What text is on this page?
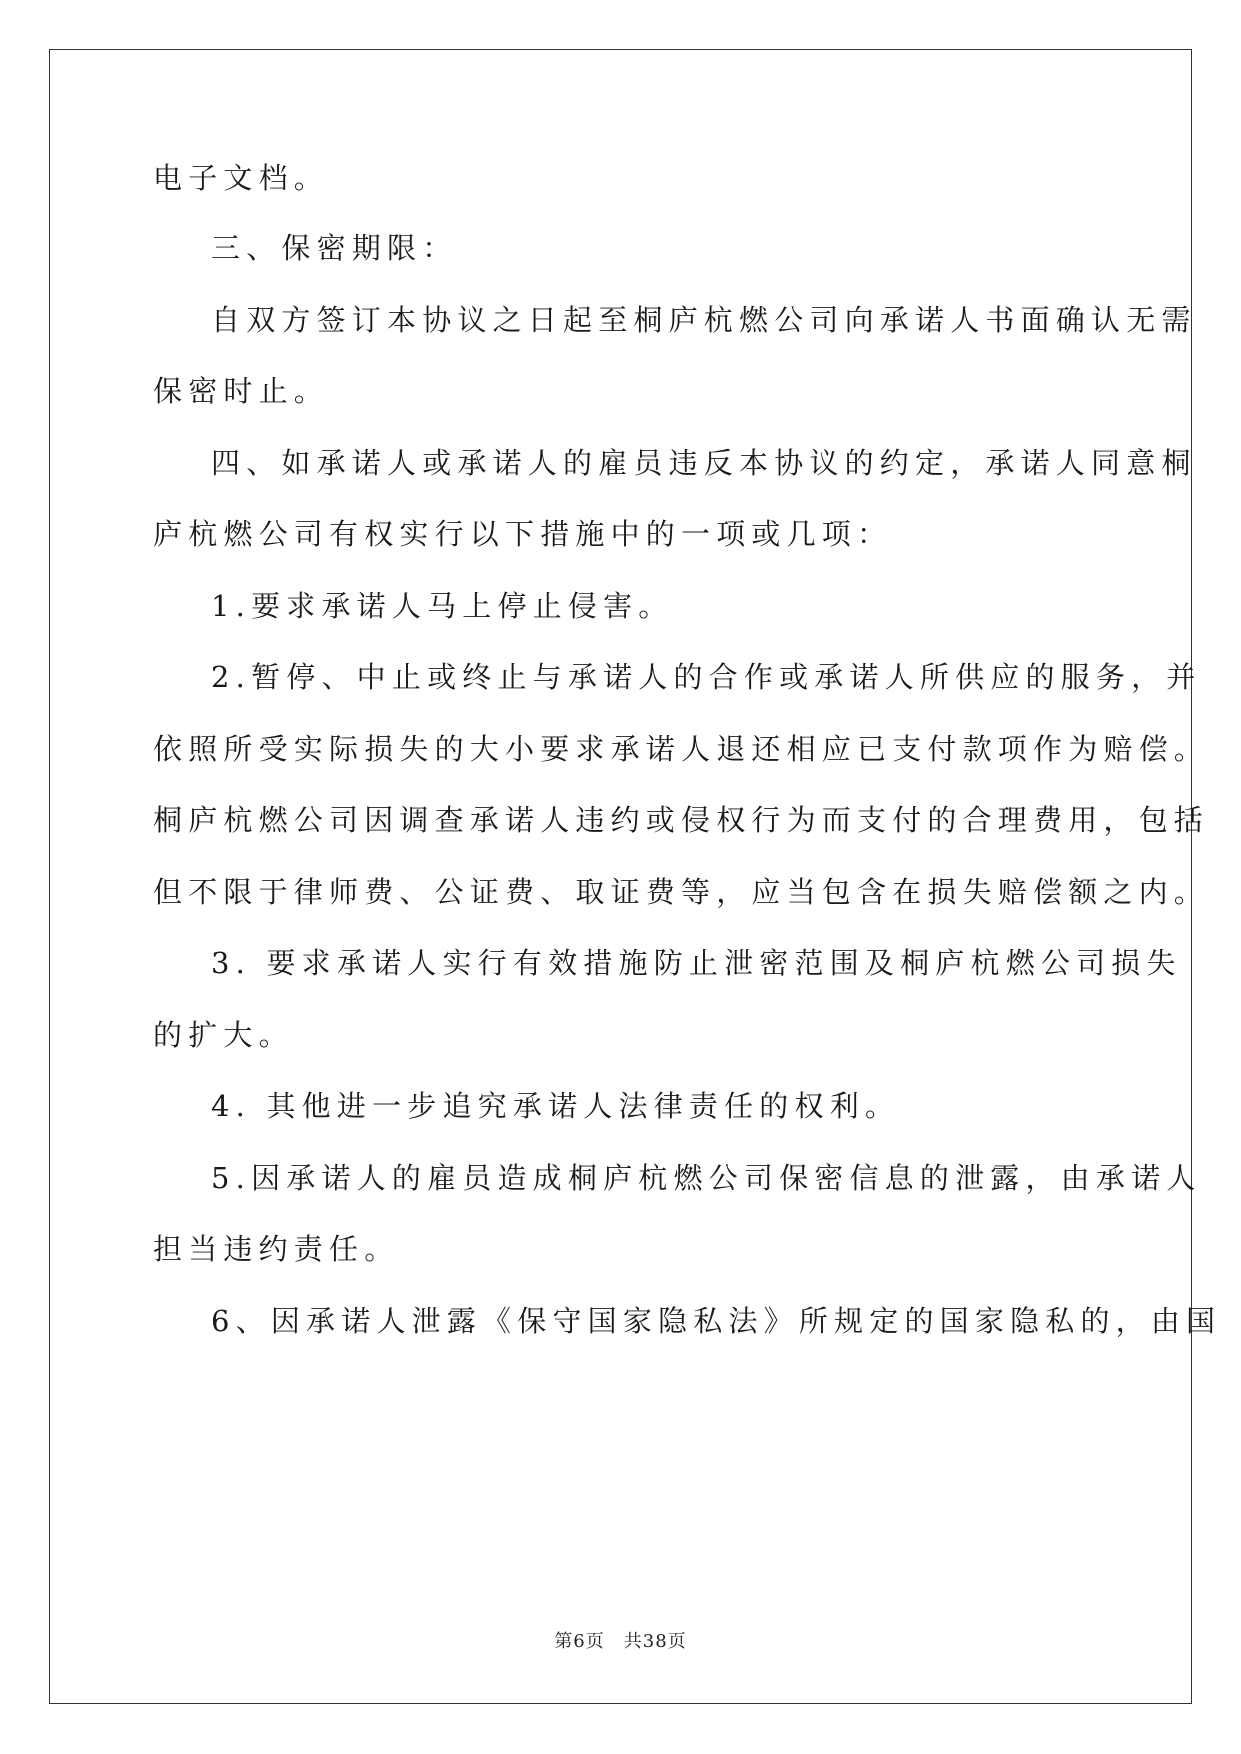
电子文档。
三、保密期限：
自双方签订本协议之日起至桐庐杭燃公司向承诺人书面确认无需
保密时止。
四、如承诺人或承诺人的雇员违反本协议的约定，承诺人同意桐
庐杭燃公司有权实行以下措施中的一项或几项：
1.要求承诺人马上停止侵害。
2.暂停、中止或终止与承诺人的合作或承诺人所供应的服务，并
依照所受实际损失的大小要求承诺人退还相应已支付款项作为赔偿。
桐庐杭燃公司因调查承诺人违约或侵权行为而支付的合理费用，包括
但不限于律师费、公证费、取证费等，应当包含在损失赔偿额之内。
3. 要求承诺人实行有效措施防止泄密范围及桐庐杭燃公司损失
的扩大。
4. 其他进一步追究承诺人法律责任的权利。
5.因承诺人的雇员造成桐庐杭燃公司保密信息的泄露，由承诺人
担当违约责任。
6、因承诺人泄露《保守国家隐私法》所规定的国家隐私的，由国
第6页　共38页
